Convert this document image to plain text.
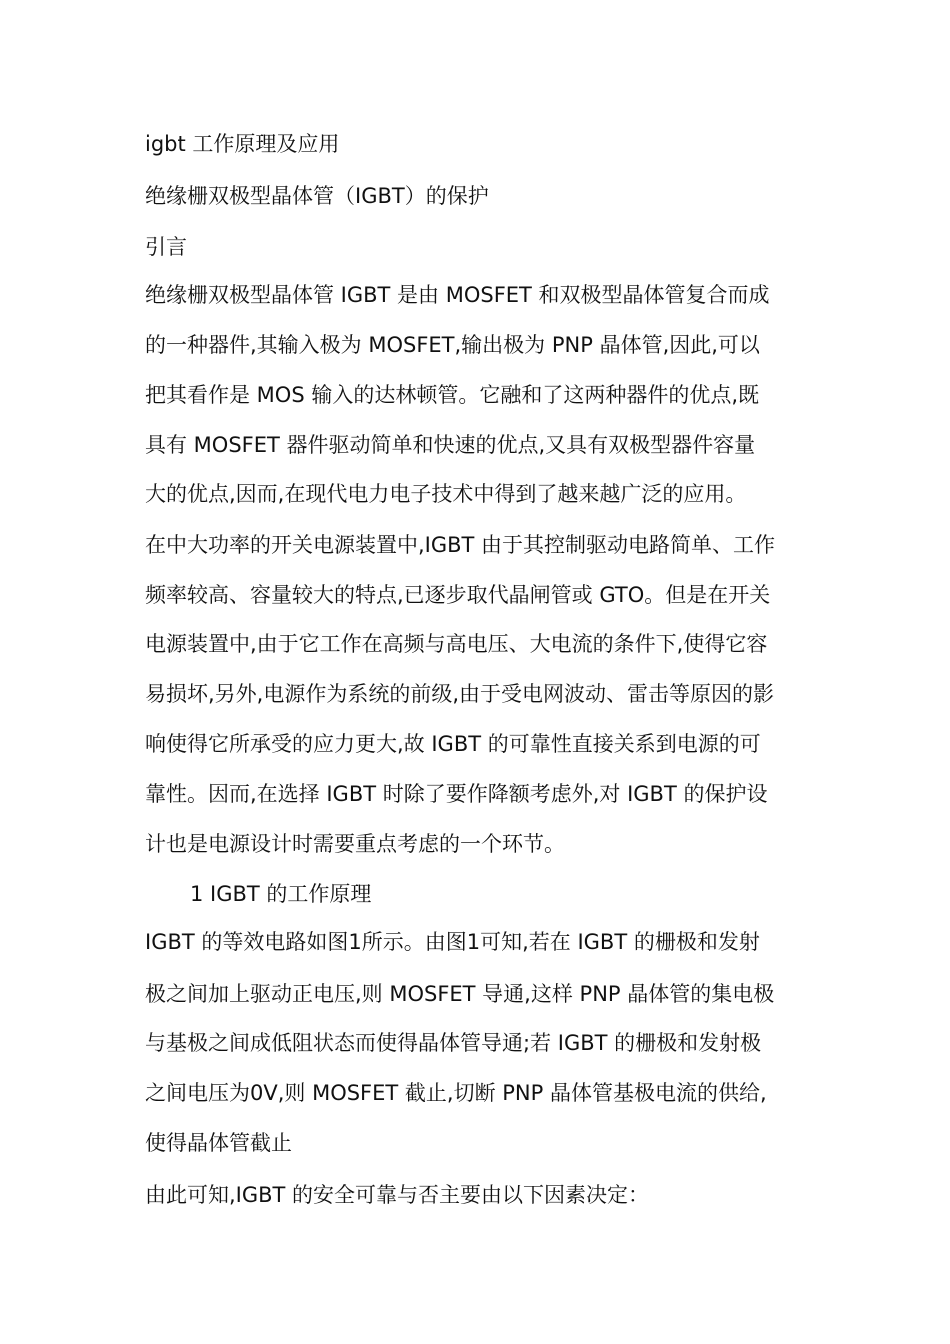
igbt 工作原理及应用
绝缘栅双极型晶体管（IGBT）的保护
引言
绝缘栅双极型晶体管 IGBT 是由 MOSFET 和双极型晶体管复合而成
的一种器件,其输入极为 MOSFET,输出极为 PNP 晶体管,因此,可以
把其看作是 MOS 输入的达林顿管。它融和了这两种器件的优点,既
具有 MOSFET 器件驱动简单和快速的优点,又具有双极型器件容量
大的优点,因而,在现代电力电子技术中得到了越来越广泛的应用。
在中大功率的开关电源装置中,IGBT 由于其控制驱动电路简单、工作
频率较高、容量较大的特点,已逐步取代晶闸管或 GTO。但是在开关
电源装置中,由于它工作在高频与高电压、大电流的条件下,使得它容
易损坏,另外,电源作为系统的前级,由于受电网波动、雷击等原因的影
响使得它所承受的应力更大,故 IGBT 的可靠性直接关系到电源的可
靠性。因而,在选择 IGBT 时除了要作降额考虑外,对 IGBT 的保护设
计也是电源设计时需要重点考虑的一个环节。
1 IGBT 的工作原理
IGBT 的等效电路如图1所示。由图1可知,若在 IGBT 的栅极和发射
极之间加上驱动正电压,则 MOSFET 导通,这样 PNP 晶体管的集电极
与基极之间成低阻状态而使得晶体管导通;若 IGBT 的栅极和发射极
之间电压为0V,则 MOSFET 截止,切断 PNP 晶体管基极电流的供给,
使得晶体管截止
由此可知,IGBT 的安全可靠与否主要由以下因素决定：
